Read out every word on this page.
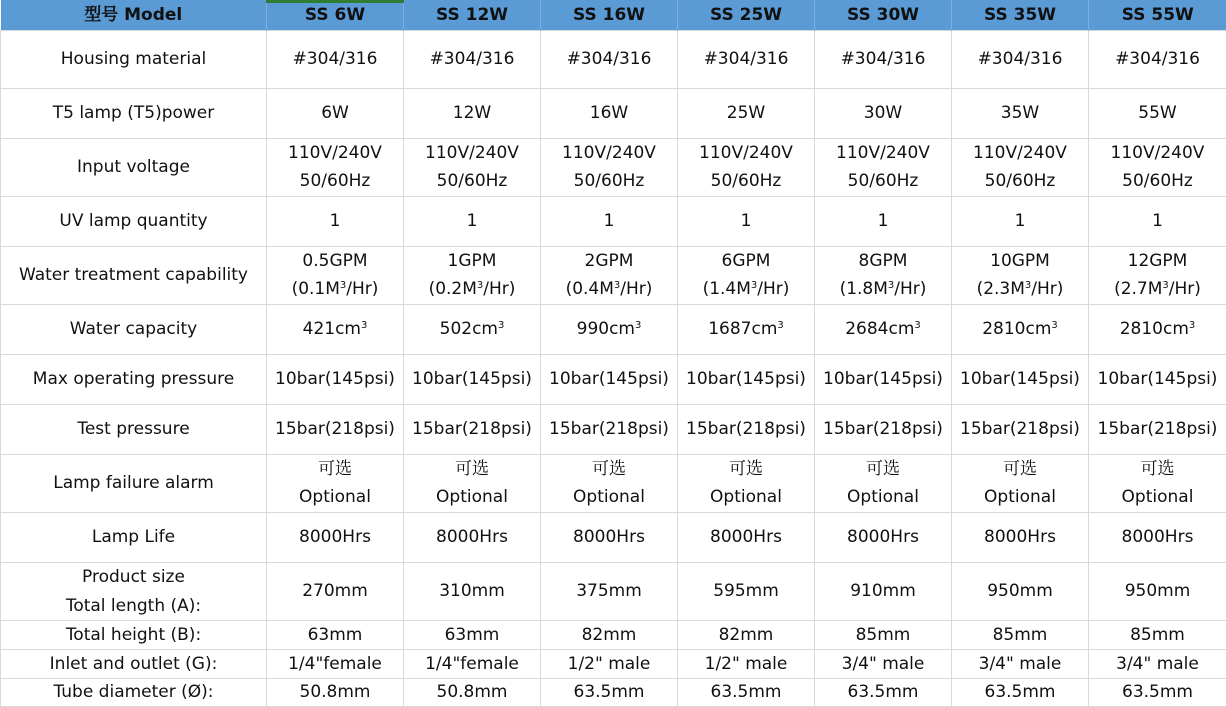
型号 Model	SS 6W	SS 12W	SS 16W	SS 25W	SS 30W	SS 35W	SS 55W
Housing material	#304/316	#304/316	#304/316	#304/316	#304/316	#304/316	#304/316
T5 lamp (T5)power	6W	12W	16W	25W	30W	35W	55W
Input voltage	110V/240V	110V/240V	110V/240V	110V/240V	110V/240V	110V/240V	110V/240V
	50/60Hz	50/60Hz	50/60Hz	50/60Hz	50/60Hz	50/60Hz	50/60Hz
UV lamp quantity	1	1	1	1	1	1	1
Water treatment capability	0.5GPM	1GPM	2GPM	6GPM	8GPM	10GPM	12GPM
	$(0.1M^3/Hr)$	$(0.2M^3/Hr)$	$(0.4M^3/Hr)$	$(1.4M^3/Hr)$	$(1.8M^3/Hr)$	$(2.3M^3/Hr)$	$(2.7M^3/Hr)$
Water capacity	$421cm^3$	$502cm^3$	$990cm^3$	$1687cm^3$	$2684cm^3$	$2810cm^3$	$2810cm^3$
Max operating pressure	10bar(145psi)	10bar(145psi)	10bar(145psi)	10bar(145psi)	10bar(145psi)	10bar(145psi)	10bar(145psi)
Test pressure	15bar(218psi)	15bar(218psi)	15bar(218psi)	15bar(218psi)	15bar(218psi)	15bar(218psi)	15bar(218psi)
Lamp failure alarm	可选	可选	可选	可选	可选	可选	可选
	Optional	Optional	Optional	Optional	Optional	Optional	Optional
Lamp Life	8000Hrs	8000Hrs	8000Hrs	8000Hrs	8000Hrs	8000Hrs	8000Hrs

Product size
Total length (A):	270mm	310mm	375mm	595mm	910mm	950mm	950mm
Total height (B):	63mm	63mm	82mm	82mm	85mm	85mm	85mm
Inlet and outlet (G):	1/4"female	1/4"female	1/2" male	1/2" male	3/4" male	3/4" male	3/4" male
Tube diameter (Ø):	50.8mm	50.8mm	63.5mm	63.5mm	63.5mm	63.5mm	63.5mm
